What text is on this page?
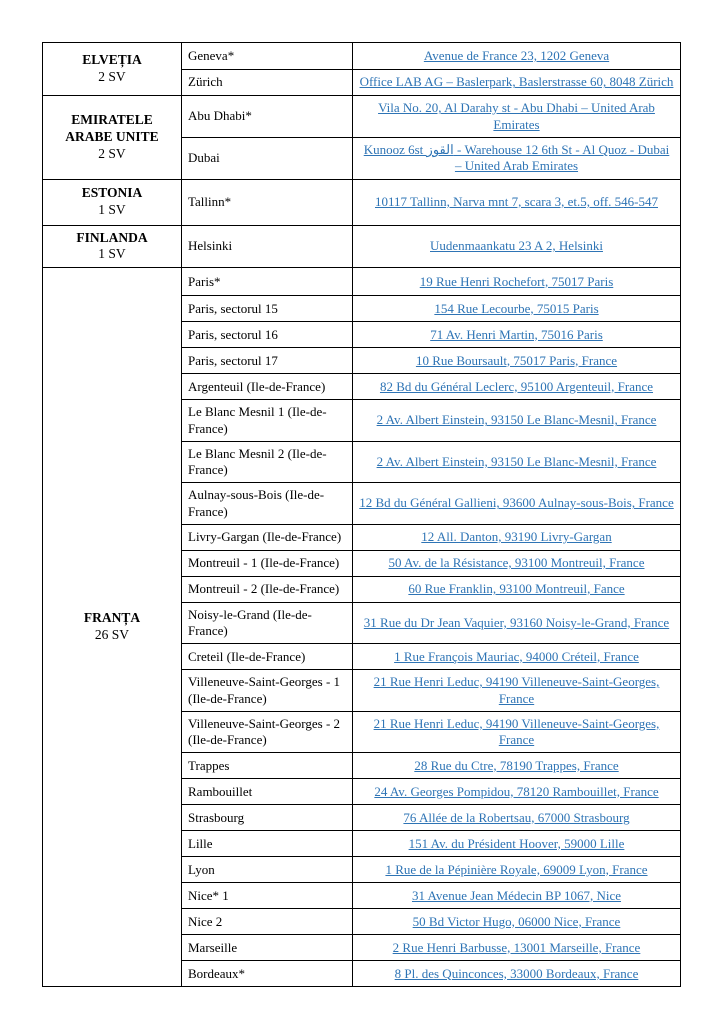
ELVEȚIA
2 SV	Geneva*	Avenue de France 23, 1202 Geneva
	Zürich	Office LAB AG – Baslerpark, Baslerstrasse 60, 8048 Zürich

EMIRATELE ARABE UNITE
2 SV	Abu Dhabi*	Vila No. 20, Al Darahy st - Abu Dhabi – United Arab Emirates
	Dubai	Kunooz 6st القوز - Warehouse 12 6th St - Al Quoz - Dubai – United Arab Emirates

ESTONIA
1 SV	Tallinn*	10117 Tallinn, Narva mnt 7, scara 3, et.5, off. 546-547

FINLANDA
1 SV	Helsinki	Uudenmaankatu 23 A 2, Helsinki

FRANȚA
26 SV	Paris*	19 Rue Henri Rochefort, 75017 Paris
	Paris, sectorul 15	154 Rue Lecourbe, 75015 Paris
	Paris, sectorul 16	71 Av. Henri Martin, 75016 Paris
	Paris, sectorul 17	10 Rue Boursault, 75017 Paris, France
	Argenteuil (Ile-de-France)	82 Bd du Général Leclerc, 95100 Argenteuil, France
	Le Blanc Mesnil 1 (Ile-de-France)	2 Av. Albert Einstein, 93150 Le Blanc-Mesnil, France
	Le Blanc Mesnil 2 (Ile-de-France)	2 Av. Albert Einstein, 93150 Le Blanc-Mesnil, France
	Aulnay-sous-Bois (Ile-de-France)	12 Bd du Général Gallieni, 93600 Aulnay-sous-Bois, France
	Livry-Gargan (Ile-de-France)	12 All. Danton, 93190 Livry-Gargan
	Montreuil - 1 (Ile-de-France)	50 Av. de la Résistance, 93100 Montreuil, France
	Montreuil - 2 (Ile-de-France)	60 Rue Franklin, 93100 Montreuil, Fance
	Noisy-le-Grand (Ile-de-France)	31 Rue du Dr Jean Vaquier, 93160 Noisy-le-Grand, France
	Creteil (Ile-de-France)	1 Rue François Mauriac, 94000 Créteil, France
	Villeneuve-Saint-Georges - 1 (Ile-de-France)	21 Rue Henri Leduc, 94190 Villeneuve-Saint-Georges, France
	Villeneuve-Saint-Georges - 2 (Ile-de-France)	21 Rue Henri Leduc, 94190 Villeneuve-Saint-Georges, France
	Trappes	28 Rue du Ctre, 78190 Trappes, France
	Rambouillet	24 Av. Georges Pompidou, 78120 Rambouillet, France
	Strasbourg	76 Allée de la Robertsau, 67000 Strasbourg
	Lille	151 Av. du Président Hoover, 59000 Lille
	Lyon	1 Rue de la Pépinière Royale, 69009 Lyon, France
	Nice* 1	31 Avenue Jean Médecin BP 1067, Nice
	Nice 2	50 Bd Victor Hugo, 06000 Nice, France
	Marseille	2 Rue Henri Barbusse, 13001 Marseille, France
	Bordeaux*	8 Pl. des Quinconces, 33000 Bordeaux, France
